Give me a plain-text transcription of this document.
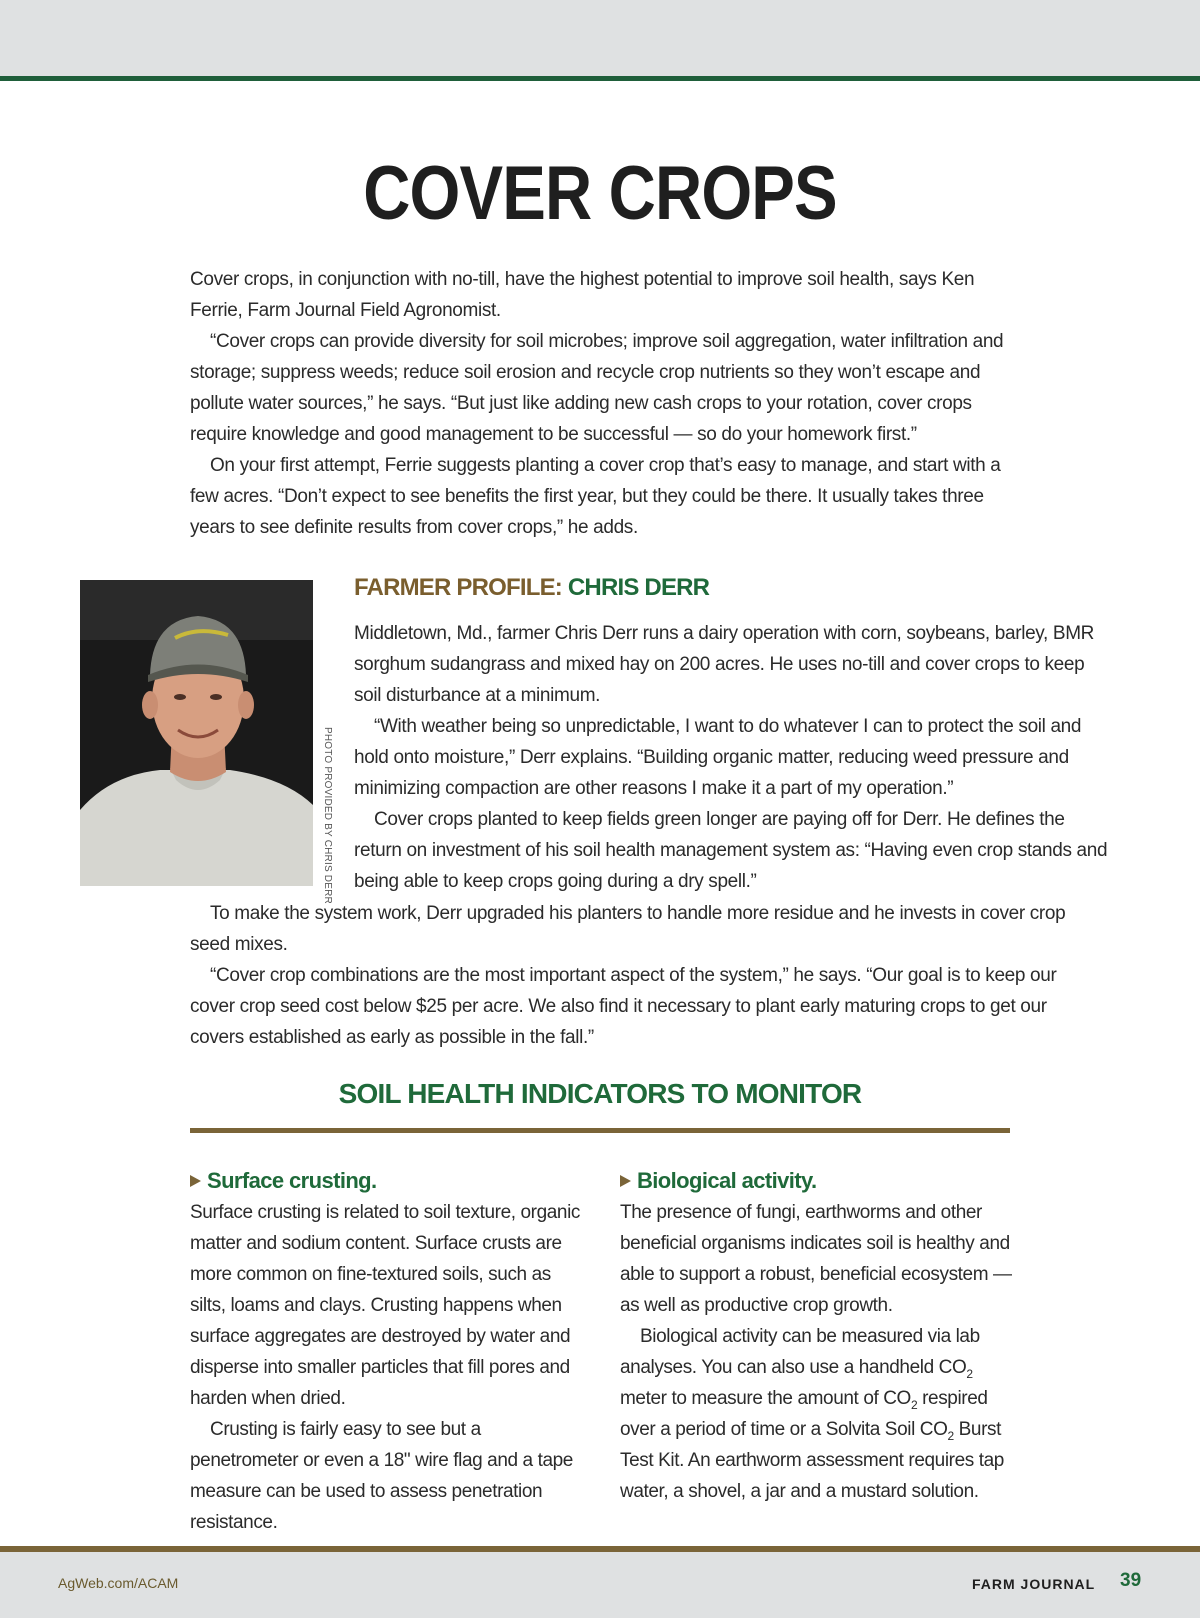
COVER CROPS

Cover crops, in conjunction with no-till, have the highest potential to improve soil health, says Ken Ferrie, Farm Journal Field Agronomist.

“Cover crops can provide diversity for soil microbes; improve soil aggregation, water infiltration and storage; suppress weeds; reduce soil erosion and recycle crop nutrients so they won’t escape and pollute water sources,” he says. “But just like adding new cash crops to your rotation, cover crops require knowledge and good management to be successful — so do your homework first.”

On your first attempt, Ferrie suggests planting a cover crop that’s easy to manage, and start with a few acres. “Don’t expect to see benefits the first year, but they could be there. It usually takes three years to see definite results from cover crops,” he adds.

PHOTO PROVIDED BY CHRIS DERR
FARMER PROFILE: CHRIS DERR

Middletown, Md., farmer Chris Derr runs a dairy operation with corn, soybeans, barley, BMR sorghum sudangrass and mixed hay on 200 acres. He uses no-till and cover crops to keep soil disturbance at a minimum.

“With weather being so unpredictable, I want to do whatever I can to protect the soil and hold onto moisture,” Derr explains. “Building organic matter, reducing weed pressure and minimizing compaction are other reasons I make it a part of my operation.”

Cover crops planted to keep fields green longer are paying off for Derr. He defines the return on investment of his soil health management system as: “Having even crop stands and being able to keep crops going during a dry spell.”

To make the system work, Derr upgraded his planters to handle more residue and he invests in cover crop seed mixes.

“Cover crop combinations are the most important aspect of the system,” he says. “Our goal is to keep our cover crop seed cost below $25 per acre. We also find it necessary to plant early maturing crops to get our covers established as early as possible in the fall.”

SOIL HEALTH INDICATORS TO MONITOR
Surface crusting.

Surface crusting is related to soil texture, organic matter and sodium content. Surface crusts are more common on fine-textured soils, such as silts, loams and clays. Crusting happens when surface aggregates are destroyed by water and disperse into smaller particles that fill pores and harden when dried.

Crusting is fairly easy to see but a penetrometer or even a 18" wire flag and a tape measure can be used to assess penetration resistance.

Biological activity.

The presence of fungi, earthworms and other beneficial organisms indicates soil is healthy and able to support a robust, beneficial ecosystem — as well as productive crop growth.

Biological activity can be measured via lab analyses. You can also use a handheld $CO_2$ meter to measure the amount of $CO_2$ respired over a period of time or a Solvita Soil $CO_2$ Burst Test Kit. An earthworm assessment requires tap water, a shovel, a jar and a mustard solution.

AgWeb.com/ACAM	FARM JOURNAL 39
